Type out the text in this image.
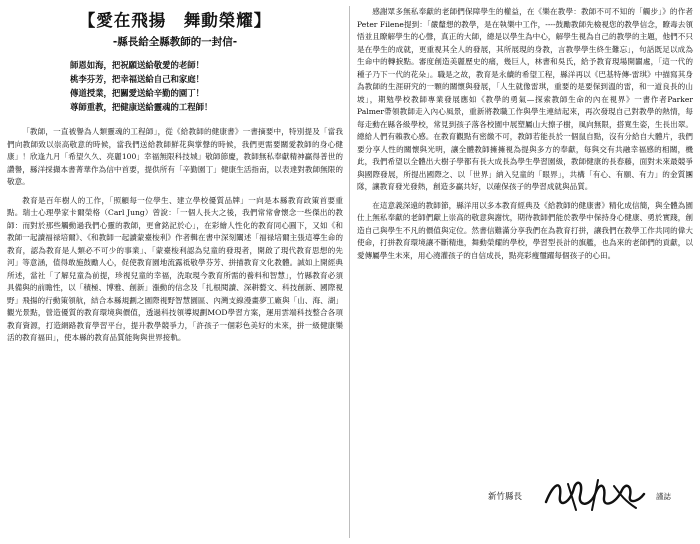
【愛在飛揚　舞動榮耀】
-縣長給全縣教師的一封信-
師恩如海，把祝願送給敬愛的老師！
桃李芬芳，把幸福送給自己和家庭！
傳道授業，把關愛送給辛勤的園丁！
尊師重教，把健康送給靈魂的工程師！

「教師，一直被譽為人類靈魂的工程師」，從《給教師的健康書》一書摘要中，特別提及「當我們向教師致以崇高敬意的時候，當我們送給教師鮮花與掌聲的時候，我們更需要關愛教師的身心健康」！欣逢九月「希望久久、亮麗100」幸福無限科技城」敬師節慶，教師無私奉獻精神贏得普世的讚譽，縣洋採擷本書菁華作為信中首要，提供所有「辛勤園丁」健康生活指南，以表達對教師無限的敬意。

教育是百年樹人的工作，「照顧每一位學生、建立學校優質品牌」一向是本縣教育政策首要重點。瑞士心理學家卡爾榮格（Carl Jung）曾說：「一個人長大之後，我們常常會懷念一些傑出的教師：而對於那些觸動過我們心靈的教師，更會銘記於心」，在彩繪人性化的教育同心圓下，又如《和教師一起讀福禄培爾》、《和教師一起讀蒙臺梭利》作者輯在書中深刻闡述「福禄培爾主張這導生命的教育，認為教育是人類必不可少的事業」、「蒙臺梭利認為兒童的發現者，開啟了現代教育思想的先河」等意涵，值得敢施鼓勵人心，促使教育園地流露祗敬學芬芳、拼描教育文化教體。誠如上開經典所述，當社「了解兒童為前提，珍視兒童的幸福，洗取現今教育所需的養料和智慧」，竹縣教育必須具備與的前瞻性，以「積極、博雅、創新」漲動的信念及「扎根閱讀、深耕藝文、科技創新、國際視野」飛揚的行動策領航，結合本縣規劃之園際視野智慧園區、內灣支線漫畫夢工廠與「山、海、湖」觀光景點，營造優質的教育環境與價值，透過科技領導規劃MOD學習方案，運用雲端科技整合各項教育資源，打造網路教育學習平台，提升教學競爭力，「許孩子一個彩色美好的未來，拼一級健康樂活的教育福田」，使本縣的教育品質能夠與世界接軌。

感謝眾多無私奉獻的老師們保障學生的權益，在《樂在教學：教師不可不知的「觸步」》的作者Peter Filene提到：「嚴釐想的教學，是在執樂中工作，----鼓勵教師先檢視您的教學信念，瞭毒去領悟並且瞭解學生的心聲，真正的大師，總是以學生為中心，解學生視為自己的教學的主題，他們不只是在學生的成就，更重視其全人的發展，其所展現的身教，言教學學生終生難忘」，句話既足以成為生命中的轉捩點。審度創造美麗歷史的痛，幾巨人，林書和吳氏，給予教育現場開闢處，「這一代的種子乃下一代的花朵」。職是之故，教育是永續的希望工程，縣洋再以《巴基特傳-雷琪》中描寫其身為教師的生涯研究的一顆的關懷與發展，「人生就像雷琪，重要的是要保到溫的雷，和一道良長的山坡」，期勉學校教師專業發展應如《教學的勇氣—探索教師生命的內在視界》一書作者Parker Palmer帶領教師走入內心風景，重新將教職工作與學生連結起來，再次發現自己對教學的熱情，每每走動在縣各級學校，常見到孩子落各校園中展塑屬山大擦子樹，風向無限，搭寬生姿，生長出翠。總給人們有賴教心感。在教育觀點有密繳不可，教師若能長於一個鼠自點，沒有分給自大體片，我們要分享人性的關懷與光明，讓全體教師擁擁視為提與多方的奉獻，每與交有共融幸福感的相關，機此，我們希望以全體出大樹子學都有長大成長為學生學習園級，教師健康的長春藤，面對未來最競爭與國際發展，所提出國際之、以「世界」納入兒童的「眼界」，共構「有心、有願、有力」的金質團隊，讓教育發光發熱，創造多贏共好，以確保孩子的學習成就與品質。

在這意義深遠的教師節，縣洋用以多本教育經典及《給教師的健康書》精化成信簡，與全體為園仕上無私奉獻的老師們獻上崇高的敬意與謝忱，期待教師們能於教學中保持身心健康、勇於實踐，創造自己與學生不凡的價值與定位。然書信難滿分享我們在為教育打拼，讓我們在教學工作共同的偉大使命，打拼教育環境讓不斷精進，舞動榮耀的學校，學習型長計的旗艦，也為來的老師們的貢獻，以愛傳屬學生未來，用心澆灌孩子的自信成長，點亮彩瘦璽躍每個孩子的心田。

新竹縣長	謹誌
